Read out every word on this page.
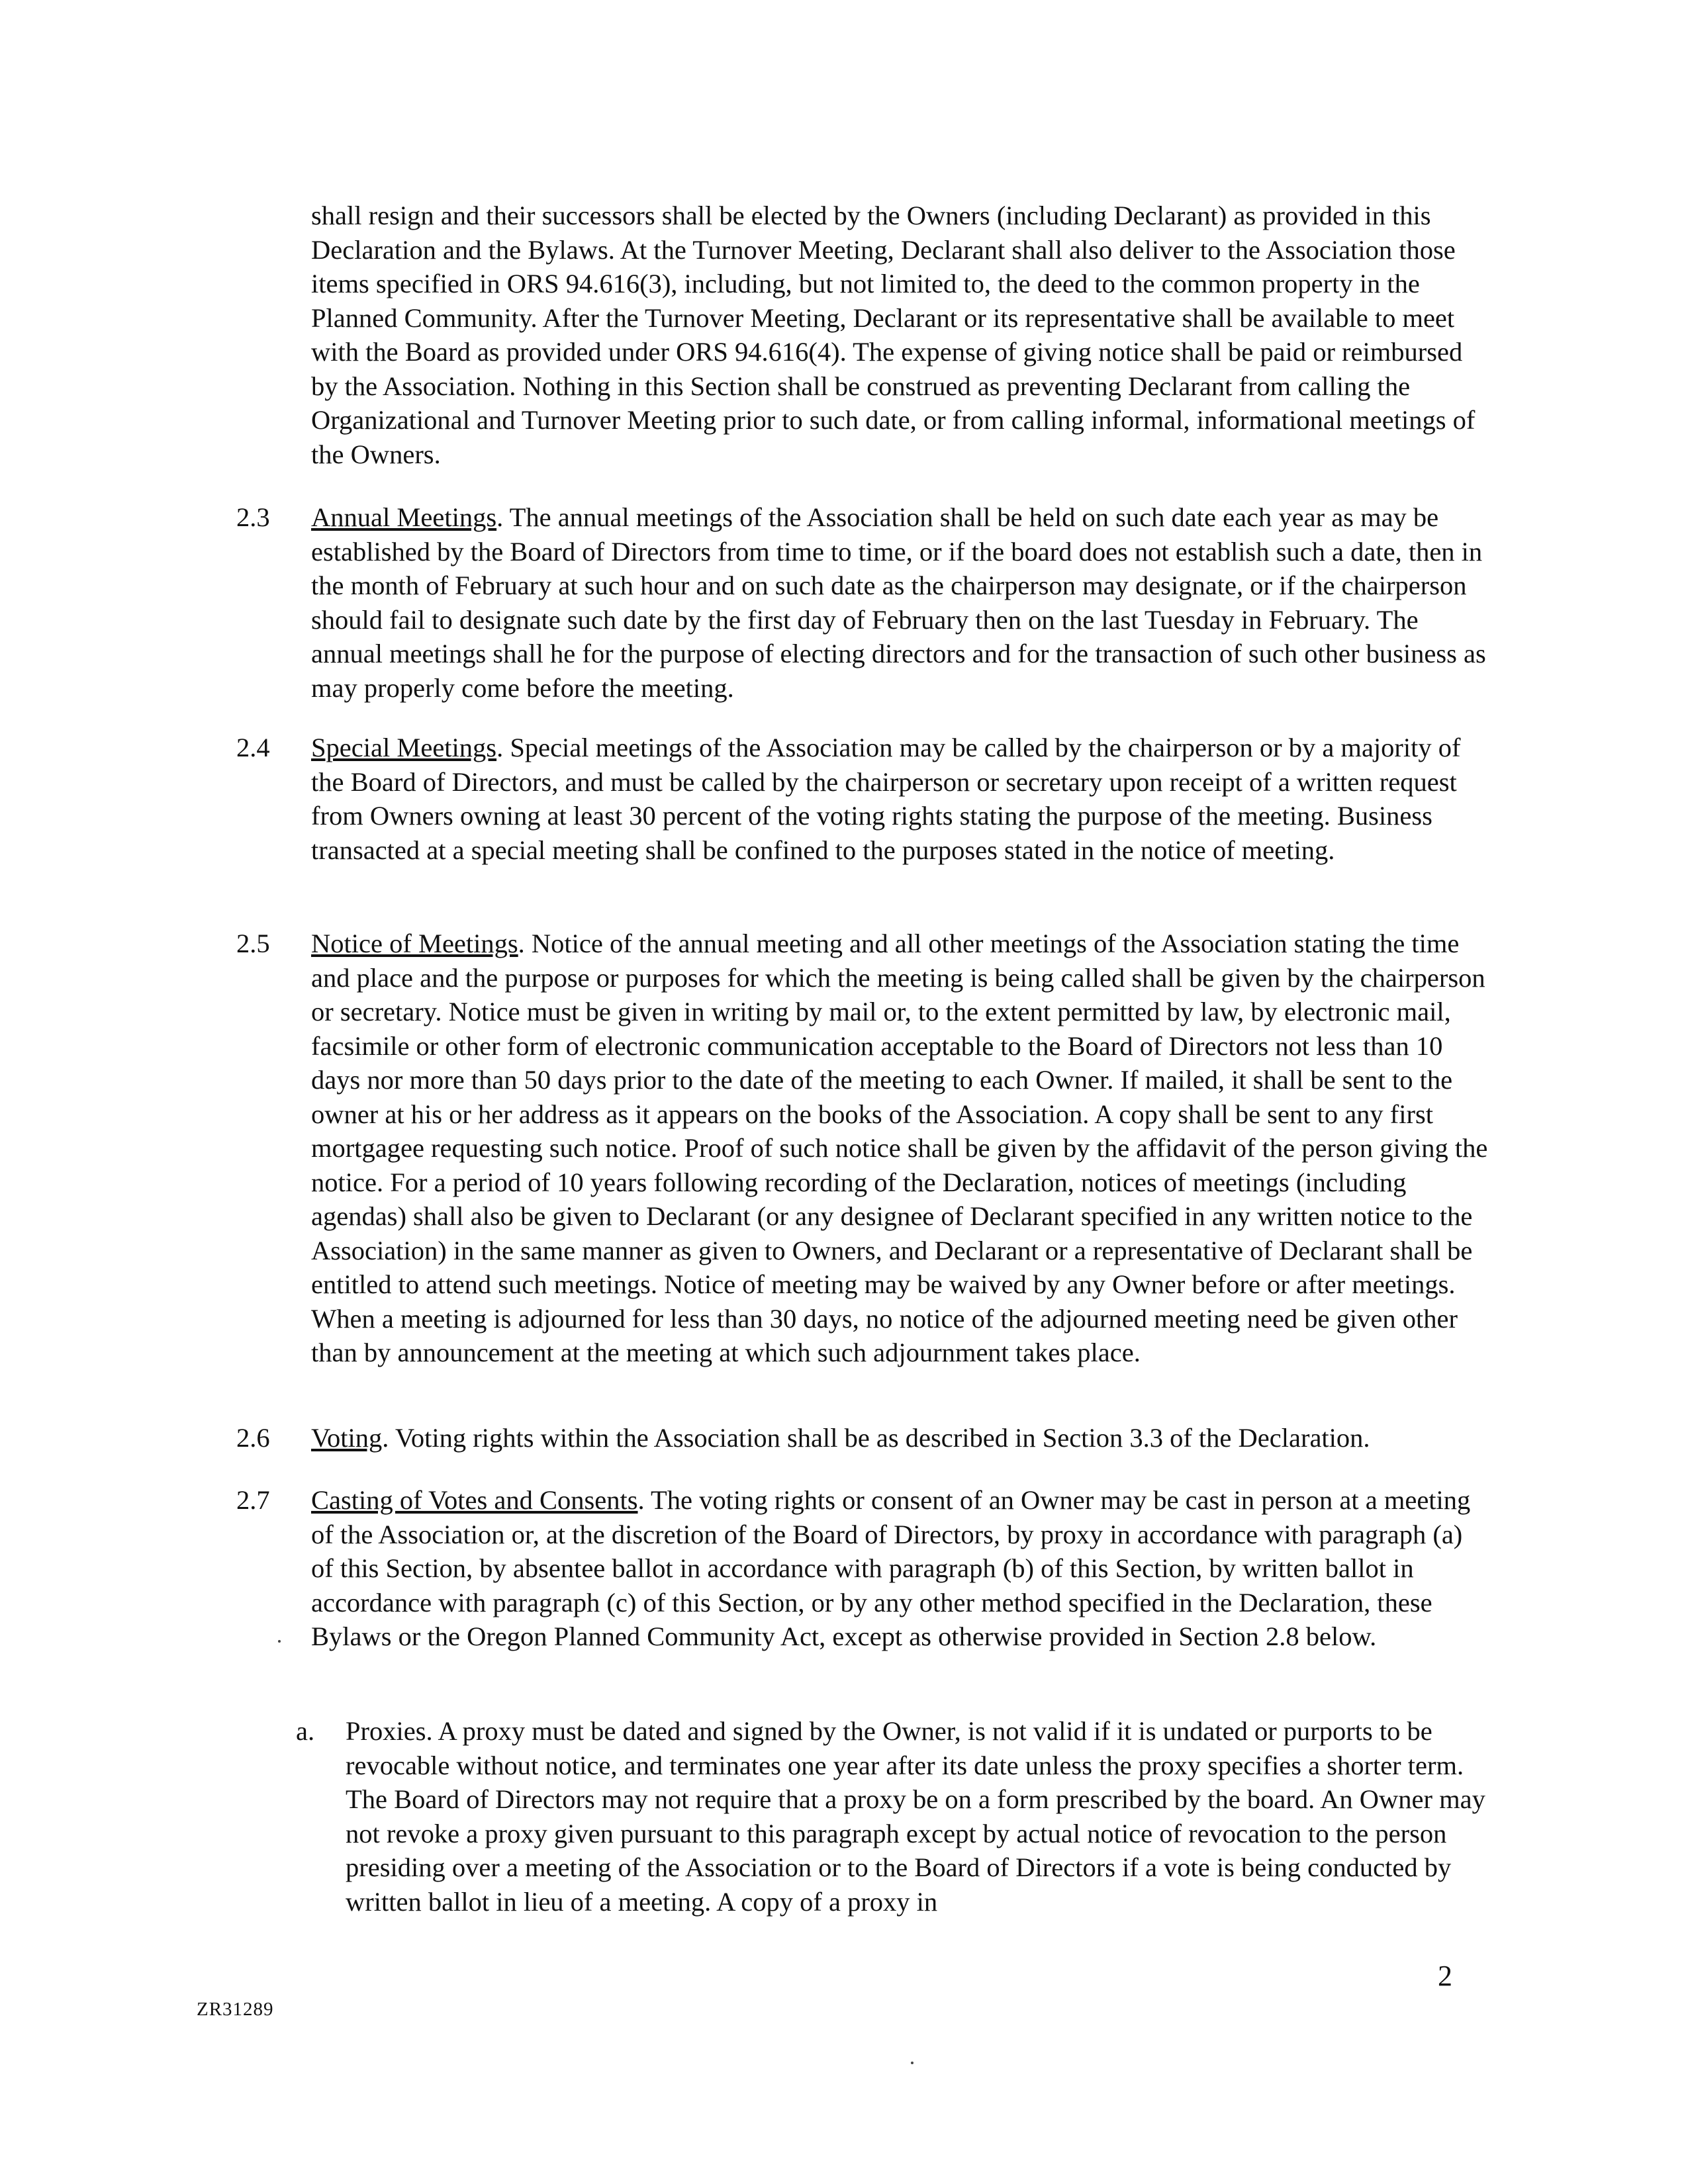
shall resign and their successors shall be elected by the Owners (including Declarant) as provided in this Declaration and the Bylaws. At the Turnover Meeting, Declarant shall also deliver to the Association those items specified in ORS 94.616(3), including, but not limited to, the deed to the common property in the Planned Community. After the Turnover Meeting, Declarant or its representative shall be available to meet with the Board as provided under ORS 94.616(4). The expense of giving notice shall be paid or reimbursed by the Association. Nothing in this Section shall be construed as preventing Declarant from calling the Organizational and Turnover Meeting prior to such date, or from calling informal, informational meetings of the Owners.

2.3 Annual Meetings. The annual meetings of the Association shall be held on such date each year as may be established by the Board of Directors from time to time, or if the board does not establish such a date, then in the month of February at such hour and on such date as the chairperson may designate, or if the chairperson should fail to designate such date by the first day of February then on the last Tuesday in February. The annual meetings shall he for the purpose of electing directors and for the transaction of such other business as may properly come before the meeting.

2.4 Special Meetings. Special meetings of the Association may be called by the chairperson or by a majority of the Board of Directors, and must be called by the chairperson or secretary upon receipt of a written request from Owners owning at least 30 percent of the voting rights stating the purpose of the meeting. Business transacted at a special meeting shall be confined to the purposes stated in the notice of meeting.

2.5 Notice of Meetings. Notice of the annual meeting and all other meetings of the Association stating the time and place and the purpose or purposes for which the meeting is being called shall be given by the chairperson or secretary. Notice must be given in writing by mail or, to the extent permitted by law, by electronic mail, facsimile or other form of electronic communication acceptable to the Board of Directors not less than 10 days nor more than 50 days prior to the date of the meeting to each Owner. If mailed, it shall be sent to the owner at his or her address as it appears on the books of the Association. A copy shall be sent to any first mortgagee requesting such notice. Proof of such notice shall be given by the affidavit of the person giving the notice. For a period of 10 years following recording of the Declaration, notices of meetings (including agendas) shall also be given to Declarant (or any designee of Declarant specified in any written notice to the Association) in the same manner as given to Owners, and Declarant or a representative of Declarant shall be entitled to attend such meetings. Notice of meeting may be waived by any Owner before or after meetings. When a meeting is adjourned for less than 30 days, no notice of the adjourned meeting need be given other than by announcement at the meeting at which such adjournment takes place.

2.6 Voting. Voting rights within the Association shall be as described in Section 3.3 of the Declaration.

2.7 Casting of Votes and Consents. The voting rights or consent of an Owner may be cast in person at a meeting of the Association or, at the discretion of the Board of Directors, by proxy in accordance with paragraph (a) of this Section, by absentee ballot in accordance with paragraph (b) of this Section, by written ballot in accordance with paragraph (c) of this Section, or by any other method specified in the Declaration, these Bylaws or the Oregon Planned Community Act, except as otherwise provided in Section 2.8 below.

a. Proxies. A proxy must be dated and signed by the Owner, is not valid if it is undated or purports to be revocable without notice, and terminates one year after its date unless the proxy specifies a shorter term. The Board of Directors may not require that a proxy be on a form prescribed by the board. An Owner may not revoke a proxy given pursuant to this paragraph except by actual notice of revocation to the person presiding over a meeting of the Association or to the Board of Directors if a vote is being conducted by written ballot in lieu of a meeting. A copy of a proxy in

2
ZR31289
